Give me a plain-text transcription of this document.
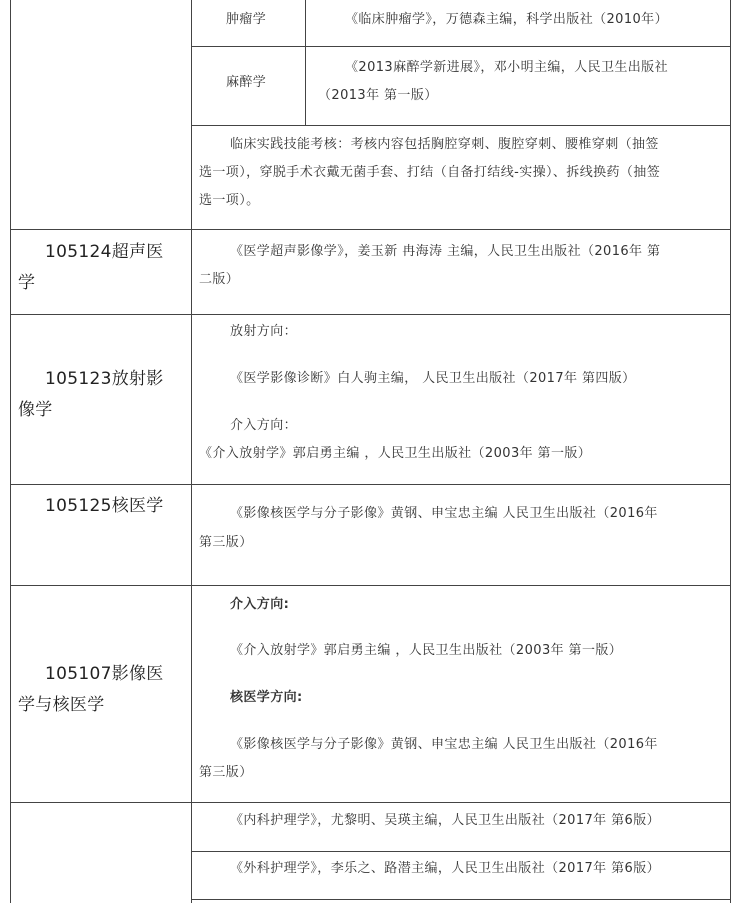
肿瘤学	《临床肿瘤学》，万德森主编，科学出版社（2010年）
麻醉学
《2013麻醉学新进展》，邓小明主编，人民卫生出版社
（2013年 第一版）
临床实践技能考核：考核内容包括胸腔穿刺、腹腔穿刺、腰椎穿刺（抽签
选一项），穿脱手术衣戴无菌手套、打结（自备打结线-实操）、拆线换药（抽签
选一项）。
105124超声医
学
《医学超声影像学》，姜玉新 冉海涛 主编，人民卫生出版社（2016年 第
二版）
105123放射影
像学
放射方向：
《医学影像诊断》白人驹主编， 人民卫生出版社（2017年 第四版）
介入方向：
《介入放射学》郭启勇主编 ，人民卫生出版社（2003年 第一版）
105125核医学	《影像核医学与分子影像》黄钢、申宝忠主编 人民卫生出版社（2016年
第三版）
105107影像医
学与核医学
介入方向:
《介入放射学》郭启勇主编 ，人民卫生出版社（2003年 第一版）
核医学方向:
《影像核医学与分子影像》黄钢、申宝忠主编 人民卫生出版社（2016年
第三版）
《内科护理学》，尤黎明、吴瑛主编，人民卫生出版社（2017年 第6版）
《外科护理学》，李乐之、路潜主编，人民卫生出版社（2017年 第6版）
